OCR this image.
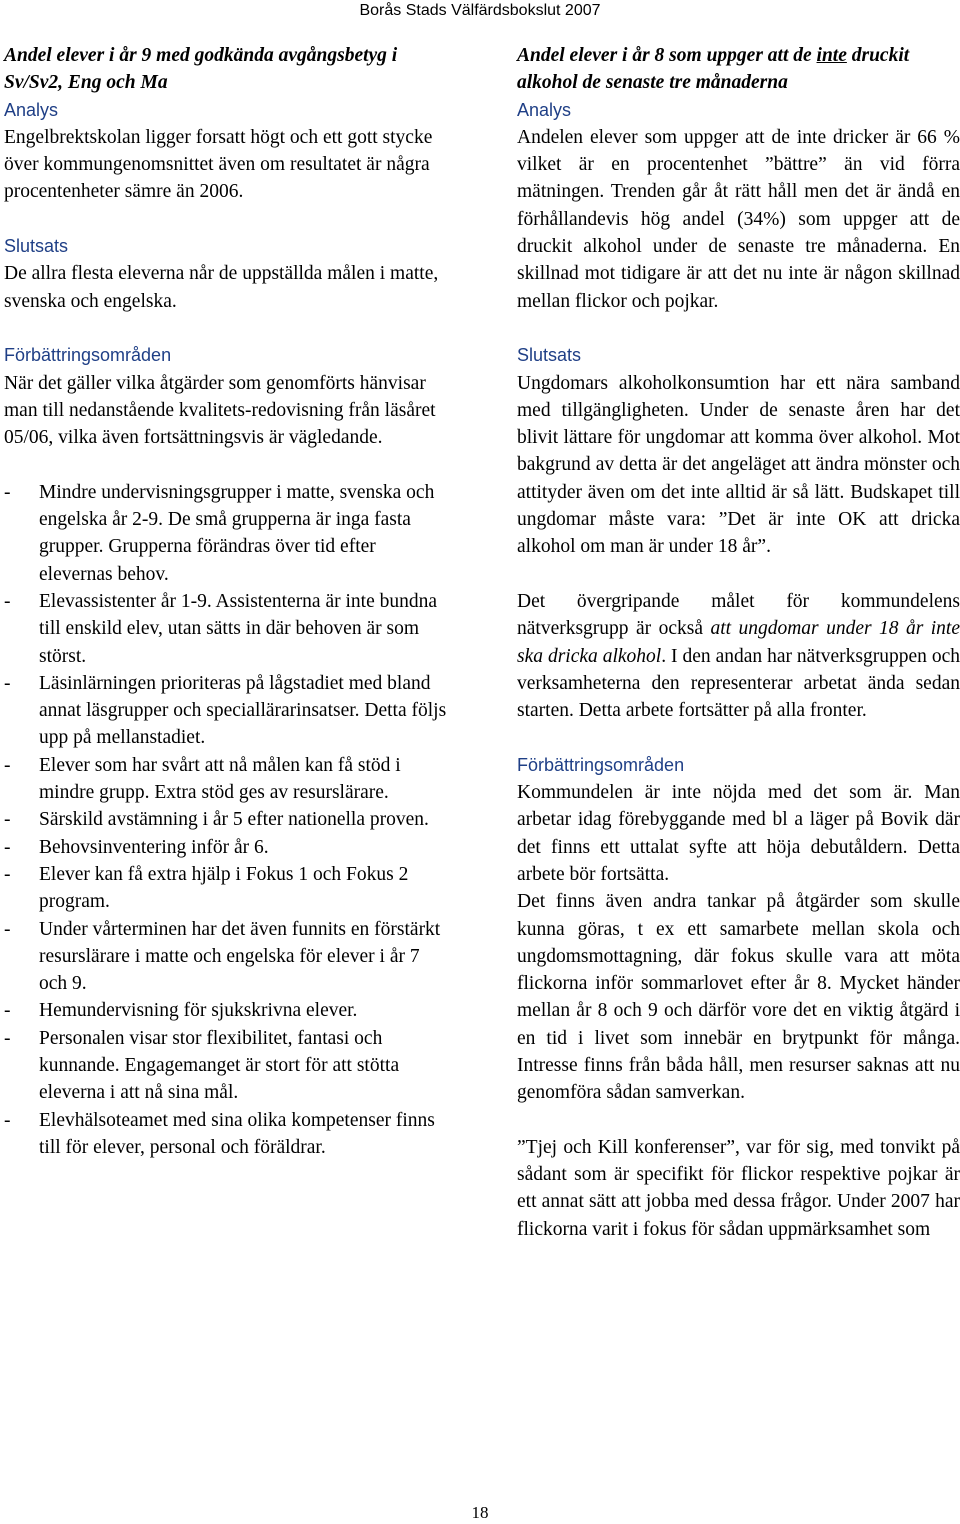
Borås Stads Välfärdsbokslut 2007
Andel elever i år 9 med godkända avgångsbetyg i Sv/Sv2, Eng och Ma

Analys
Engelbrektskolan ligger forsatt högt och ett gott stycke över kommungenomsnittet även om resultatet är några procentenheter sämre än 2006.

Slutsats
De allra flesta eleverna når de uppställda målen i matte, svenska och engelska.

Förbättringsområden
När det gäller vilka åtgärder som genomförts hänvisar man till nedanstående kvalitets-redovisning från läsåret 05/06, vilka även fortsättningsvis är vägledande.

- Mindre undervisningsgrupper i matte, svenska och engelska år 2-9. De små grupperna är inga fasta grupper. Grupperna förändras över tid efter elevernas behov.
- Elevassistenter år 1-9. Assistenterna är inte bundna till enskild elev, utan sätts in där behoven är som störst.
- Läsinlärningen prioriteras på lågstadiet med bland annat läsgrupper och speciallärarinsatser. Detta följs upp på mellanstadiet.
- Elever som har svårt att nå målen kan få stöd i mindre grupp. Extra stöd ges av resurslärare.
- Särskild avstämning i år 5 efter nationella proven.
- Behovsinventering inför år 6.
- Elever kan få extra hjälp i Fokus 1 och Fokus 2 program.
- Under vårterminen har det även funnits en förstärkt resurslärare i matte och engelska för elever i år 7 och 9.
- Hemundervisning för sjukskrivna elever.
- Personalen visar stor flexibilitet, fantasi och kunnande. Engagemanget är stort för att stötta eleverna i att nå sina mål.
- Elevhälsoteamet med sina olika kompetenser finns till för elever, personal och föräldrar.
Andel elever i år 8 som uppger att de inte druckit alkohol de senaste tre månaderna

Analys
Andelen elever som uppger att de inte dricker är 66 % vilket är en procentenhet ”bättre” än vid förra mätningen. Trenden går åt rätt håll men det är ändå en förhållandevis hög andel (34%) som uppger att de druckit alkohol under de senaste tre månaderna. En skillnad mot tidigare är att det nu inte är någon skillnad mellan flickor och pojkar.

Slutsats
Ungdomars alkoholkonsumtion har ett nära samband med tillgängligheten. Under de senaste åren har det blivit lättare för ungdomar att komma över alkohol. Mot bakgrund av detta är det angeläget att ändra mönster och attityder även om det inte alltid är så lätt. Budskapet till ungdomar måste vara: ”Det är inte OK att dricka alkohol om man är under 18 år”.

Det övergripande målet för kommundelens nätverksgrupp är också att ungdomar under 18 år inte ska dricka alkohol. I den andan har nätverksgruppen och verksamheterna den representerar arbetat ända sedan starten. Detta arbete fortsätter på alla fronter.

Förbättringsområden
Kommundelen är inte nöjda med det som är. Man arbetar idag förebyggande med bl a läger på Bovik där det finns ett uttalat syfte att höja debutåldern. Detta arbete bör fortsätta.
Det finns även andra tankar på åtgärder som skulle kunna göras, t ex ett samarbete mellan skola och ungdomsmottagning, där fokus skulle vara att möta flickorna inför sommarlovet efter år 8. Mycket händer mellan år 8 och 9 och därför vore det en viktig åtgärd i en tid i livet som innebär en brytpunkt för många. Intresse finns från båda håll, men resurser saknas att nu genomföra sådan samverkan.

”Tjej och Kill konferenser”, var för sig, med tonvikt på sådant som är specifikt för flickor respektive pojkar är ett annat sätt att jobba med dessa frågor. Under 2007 har flickorna varit i fokus för sådan uppmärksamhet som

18
